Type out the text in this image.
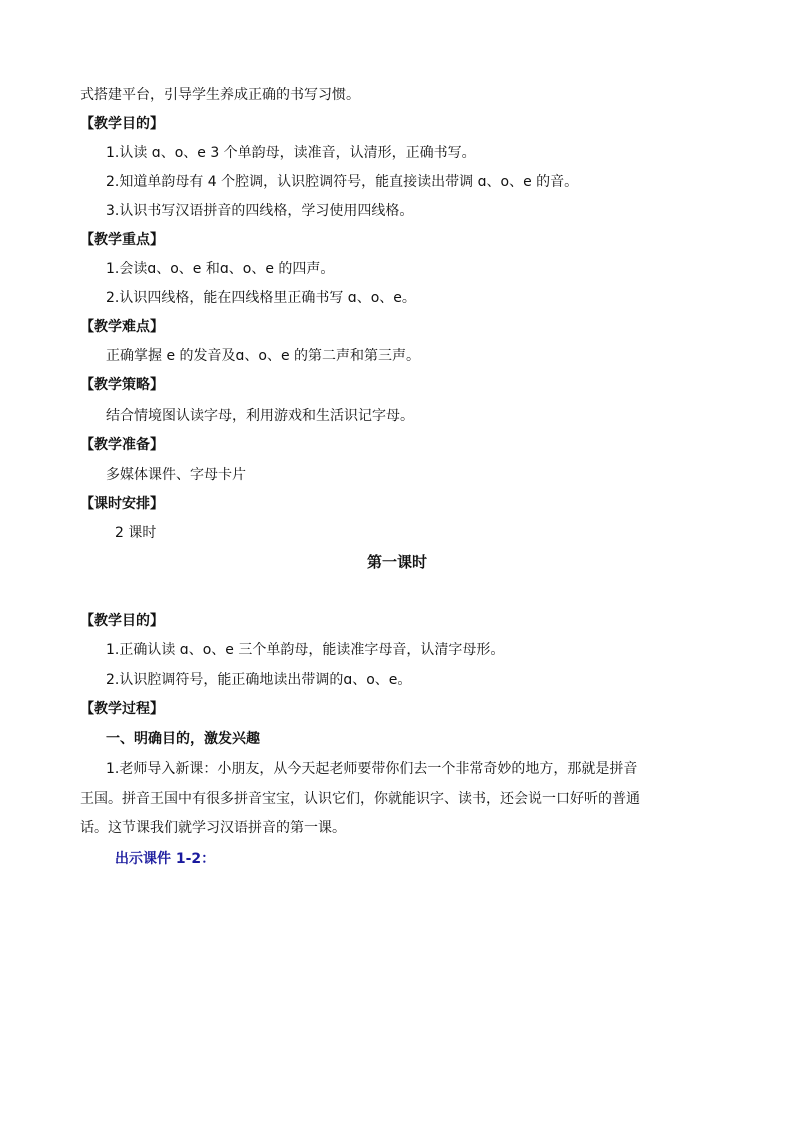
式搭建平台，引导学生养成正确的书写习惯。
【教学目的】
1.认读 ɑ、o、e 3 个单韵母，读准音，认清形，正确书写。
2.知道单韵母有 4 个腔调，认识腔调符号，能直接读出带调 ɑ、o、e 的音。
3.认识书写汉语拼音的四线格，学习使用四线格。
【教学重点】
1.会读ɑ、o、e 和ɑ、o、e 的四声。
2.认识四线格，能在四线格里正确书写 ɑ、o、e。
【教学难点】
正确掌握 e 的发音及ɑ、o、e 的第二声和第三声。
【教学策略】
结合情境图认读字母，利用游戏和生活识记字母。
【教学准备】
多媒体课件、字母卡片
【课时安排】
2 课时
第一课时
【教学目的】
1.正确认读 ɑ、o、e 三个单韵母，能读准字母音，认清字母形。
2.认识腔调符号，能正确地读出带调的ɑ、o、e。
【教学过程】
一、明确目的，激发兴趣
1.老师导入新课：小朋友，从今天起老师要带你们去一个非常奇妙的地方，那就是拼音
王国。拼音王国中有很多拼音宝宝，认识它们，你就能识字、读书，还会说一口好听的普通
话。这节课我们就学习汉语拼音的第一课。
出示课件 1-2：
